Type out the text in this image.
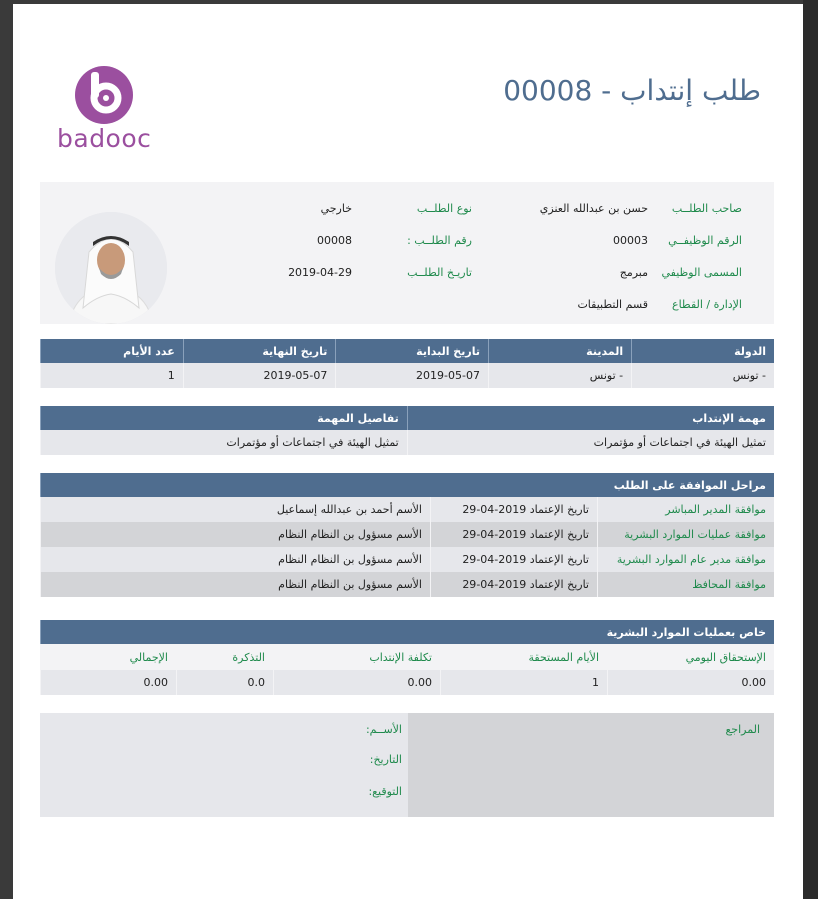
badooc
طلب إنتداب - 00008
صاحب الطلــب
حسن بن عبدالله العنزي
نوع الطلــب
خارجي
الرقم الوظيفــي
00003
رقم الطلــب :
00008
المسمى الوظيفي
مبرمج
تاريـخ الطلــب
2019-04-29
الإدارة / القطاع
قسم التطبيقات
الدولة	المدينة	تاريخ البداية	تاريخ النهاية	عدد الأيام
- تونس	- تونس	2019-05-07	2019-05-07	1
مهمة الإنتداب	تفاصيل المهمة
تمثيل الهيئة في اجتماعات أو مؤتمرات	تمثيل الهيئة في اجتماعات أو مؤتمرات
مراحل الموافقة على الطلب		
موافقة المدير المباشر	تاريخ الإعتماد 2019-04-29	الأسم أحمد بن عبدالله إسماعيل
موافقة عمليات الموارد البشرية	تاريخ الإعتماد 2019-04-29	الأسم مسؤول بن النظام النظام
موافقة مدير عام الموارد البشرية	تاريخ الإعتماد 2019-04-29	الأسم مسؤول بن النظام النظام
موافقة المحافظ	تاريخ الإعتماد 2019-04-29	الأسم مسؤول بن النظام النظام
خاص بعمليات الموارد البشرية				
الإستحقاق اليومي	الأيام المستحقة	تكلفة الإنتداب	التذكرة	الإجمالي
0.00	1	0.00	0.0	0.00
المراجع
الأســم:
التاريخ:
التوقيع:
